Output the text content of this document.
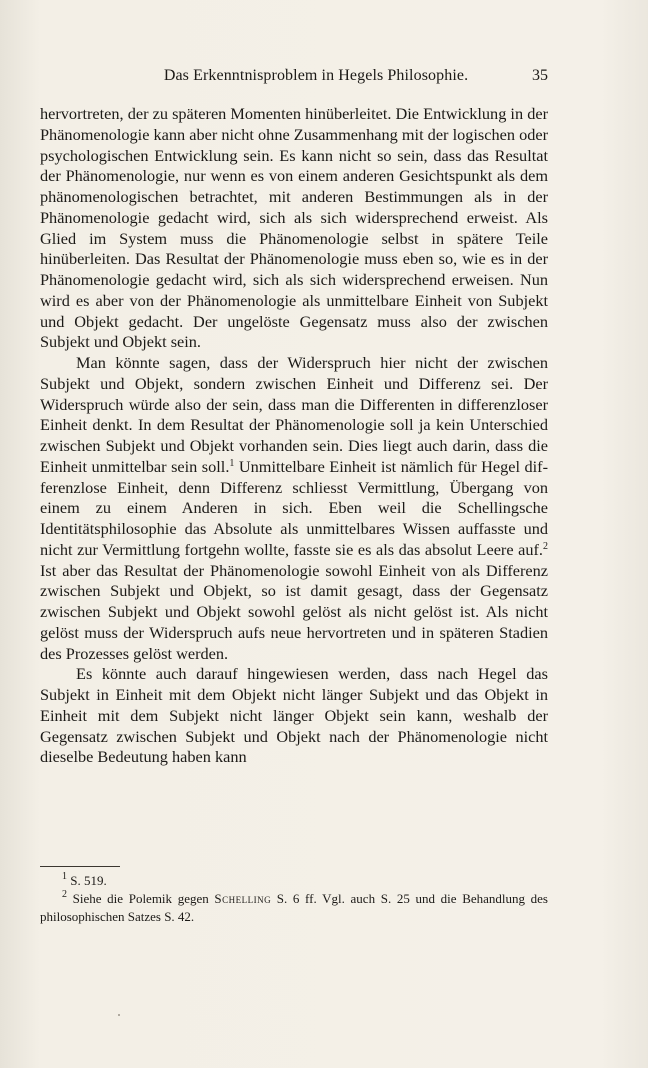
Das Erkenntnisproblem in Hegels Philosophie.	35

hervortreten, der zu späteren Momenten hinüberleitet. Die Entwicklung in der Phänomenologie kann aber nicht ohne Zusammenhang mit der logischen oder psychologischen Entwicklung sein. Es kann nicht so sein, dass das Resultat der Phänomenologie, nur wenn es von einem anderen Gesichtspunkt als dem phänomenologischen betrachtet, mit anderen Bestimmungen als in der Phänomenologie gedacht wird, sich als sich widersprechend erweist. Als Glied im System muss die Phänomenologie selbst in spätere Teile hinüberleiten. Das Resultat der Phänomenologie muss eben so, wie es in der Phänomenologie gedacht wird, sich als sich widersprechend erweisen. Nun wird es aber von der Phänomenologie als unmittelbare Einheit von Subjekt und Objekt gedacht. Der ungelöste Gegensatz muss also der zwischen Subjekt und Objekt sein.

Man könnte sagen, dass der Widerspruch hier nicht der zwischen Subjekt und Objekt, sondern zwischen Einheit und Differenz sei. Der Widerspruch würde also der sein, dass man die Differenten in differenzloser Einheit denkt. In dem Resultat der Phänomenologie soll ja kein Unterschied zwischen Subjekt und Objekt vorhanden sein. Dies liegt auch darin, dass die Einheit unmittelbar sein soll.$^1$ Unmittelbare Einheit ist nämlich für Hegel differenzlose Einheit, denn Differenz schliesst Vermittlung, Übergang von einem zu einem Anderen in sich. Eben weil die Schellingsche Identitätsphilosophie das Absolute als unmittelbares Wissen auffasste und nicht zur Vermittlung fortgehn wollte, fasste sie es als das absolut Leere auf.$^2$ Ist aber das Resultat der Phänomenologie sowohl Einheit von als Differenz zwischen Subjekt und Objekt, so ist damit gesagt, dass der Gegensatz zwischen Subjekt und Objekt sowohl gelöst als nicht gelöst ist. Als nicht gelöst muss der Widerspruch aufs neue hervortreten und in späteren Stadien des Prozesses gelöst werden.

Es könnte auch darauf hingewiesen werden, dass nach Hegel das Subjekt in Einheit mit dem Objekt nicht länger Subjekt und das Objekt in Einheit mit dem Subjekt nicht länger Objekt sein kann, weshalb der Gegensatz zwischen Subjekt und Objekt nach der Phänomenologie nicht dieselbe Bedeutung haben kann

$^1$ S. 519.

$^2$ Siehe die Polemik gegen Schelling S. 6 ff. Vgl. auch S. 25 und die Behandlung des philosophischen Satzes S. 42.
